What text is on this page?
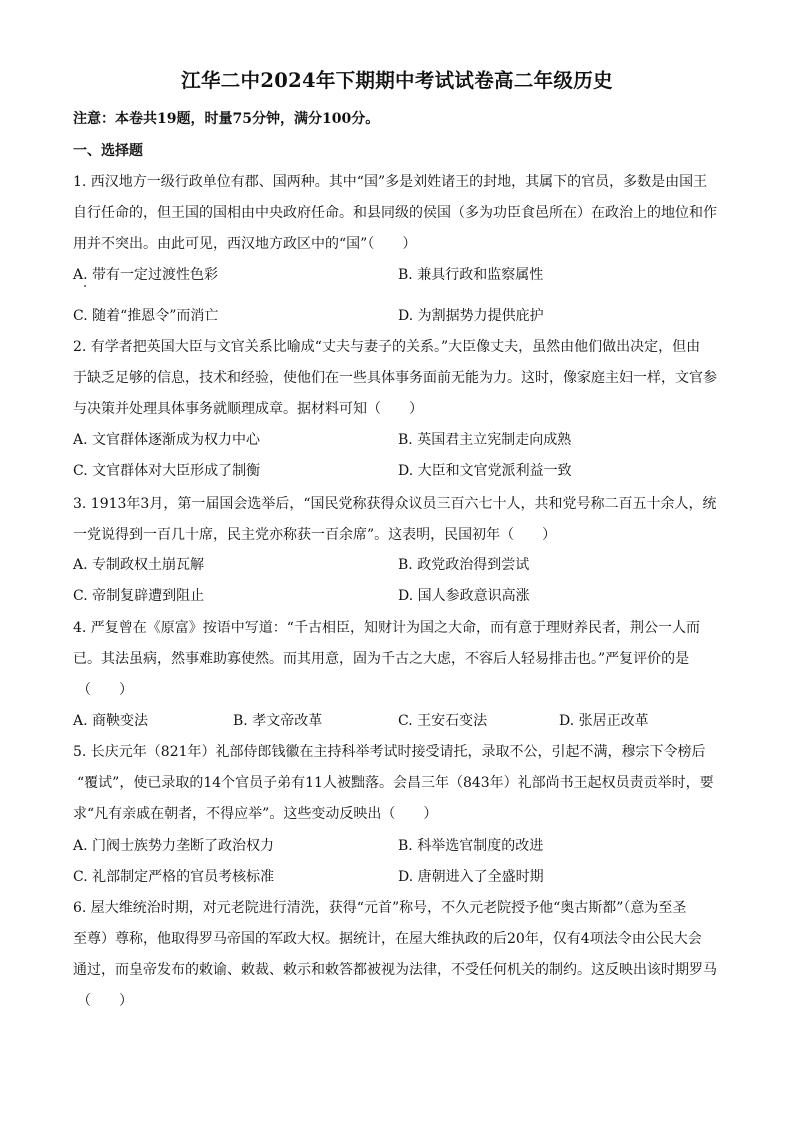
江华二中2024年下期期中考试试卷高二年级历史
注意：本卷共19题，时量75分钟，满分100分。
一、选择题
1. 西汉地方一级行政单位有郡、国两种。其中“国”多是刘姓诸王的封地，其属下的官员，多数是由国王
自行任命的，但王国的国相由中央政府任命。和县同级的侯国（多为功臣食邑所在）在政治上的地位和作
用并不突出。由此可见，西汉地方政区中的“国”（　　）
A. 带有一定过渡性色彩	B. 兼具行政和监察属性
C. 随着“推恩令”而消亡	D. 为割据势力提供庇护
2. 有学者把英国大臣与文官关系比喻成“丈夫与妻子的关系。”大臣像丈夫，虽然由他们做出决定，但由
于缺乏足够的信息，技术和经验，使他们在一些具体事务面前无能为力。这时，像家庭主妇一样，文官参
与决策并处理具体事务就顺理成章。据材料可知（　　）
A. 文官群体逐渐成为权力中心	B. 英国君主立宪制走向成熟
C. 文官群体对大臣形成了制衡	D. 大臣和文官党派利益一致
3. 1913年3月，第一届国会选举后，“国民党称获得众议员三百六七十人，共和党号称二百五十余人，统
一党说得到一百几十席，民主党亦称获一百余席”。这表明，民国初年（　　）
A. 专制政权土崩瓦解	B. 政党政治得到尝试
C. 帝制复辟遭到阻止	D. 国人参政意识高涨
4. 严复曾在《原富》按语中写道：“千古相臣，知财计为国之大命，而有意于理财养民者，荆公一人而
已。其法虽病，然事难助寡使然。而其用意，固为千古之大虑，不容后人轻易排击也。”严复评价的是
（　　）
A. 商鞅变法	B. 孝文帝改革	C. 王安石变法	D. 张居正改革
5. 长庆元年（821年）礼部侍郎钱徽在主持科举考试时接受请托，录取不公，引起不满，穆宗下令榜后
“覆试”，使已录取的14个官员子弟有11人被黜落。会昌三年（843年）礼部尚书王起权员责贡举时，要
求“凡有亲戚在朝者，不得应举”。这些变动反映出（　　）
A. 门阀士族势力垄断了政治权力	B. 科举选官制度的改进
C. 礼部制定严格的官员考核标准	D. 唐朝进入了全盛时期
6. 屋大维统治时期，对元老院进行清洗，获得“元首”称号，不久元老院授予他“奥古斯都”（意为至圣
至尊）尊称，他取得罗马帝国的军政大权。据统计，在屋大维执政的后20年，仅有4项法令由公民大会
通过，而皇帝发布的敕谕、敕裁、敕示和敕答都被视为法律，不受任何机关的制约。这反映出该时期罗马
（　　）
